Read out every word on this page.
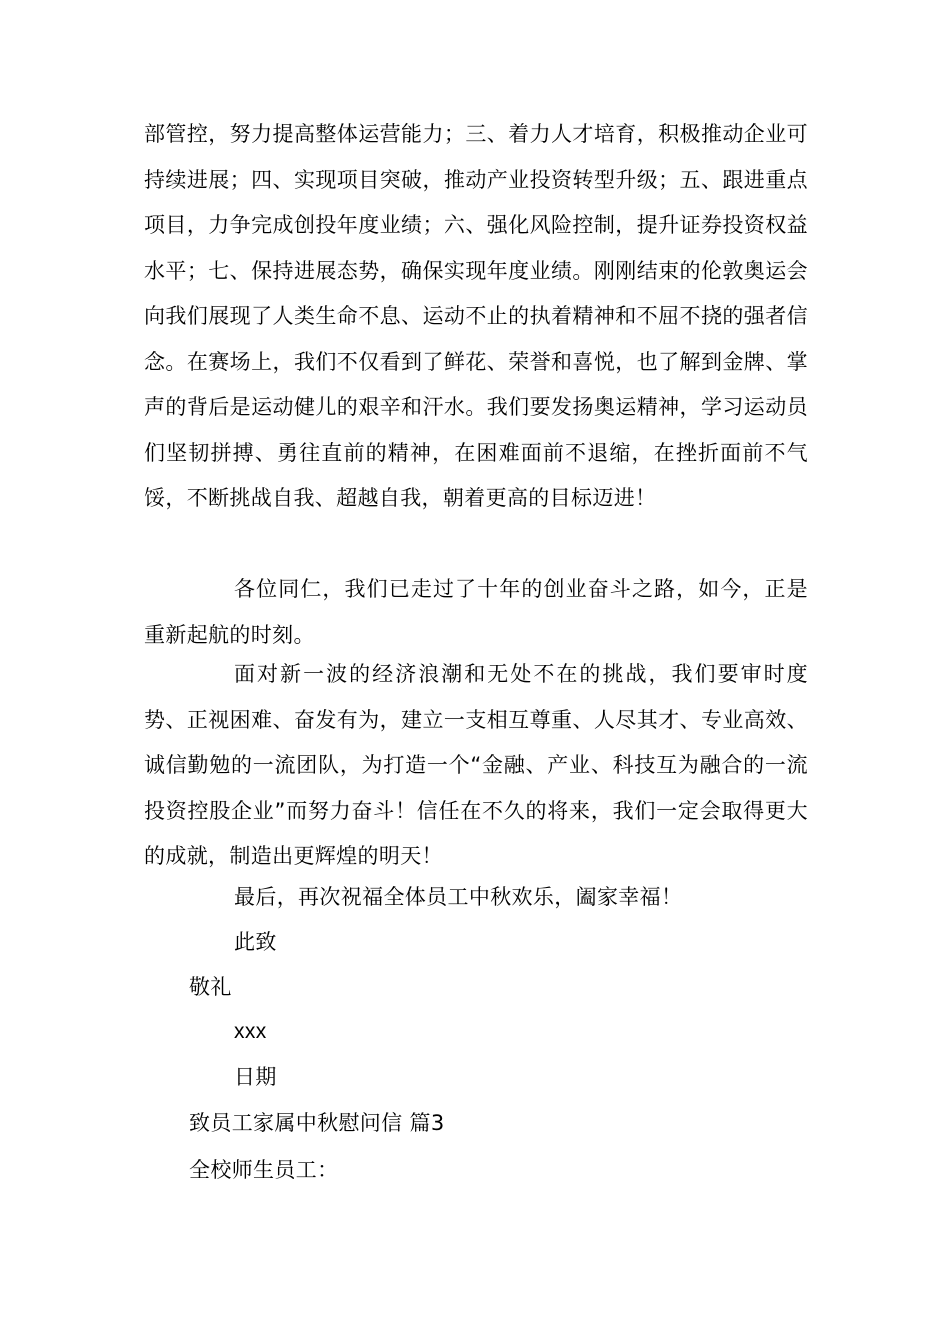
部管控，努力提高整体运营能力；三、着力人才培育，积极推动企业可持续进展；四、实现项目突破，推动产业投资转型升级；五、跟进重点项目，力争完成创投年度业绩；六、强化风险控制，提升证券投资权益水平；七、保持进展态势，确保实现年度业绩。刚刚结束的伦敦奥运会向我们展现了人类生命不息、运动不止的执着精神和不屈不挠的强者信念。在赛场上，我们不仅看到了鲜花、荣誉和喜悦，也了解到金牌、掌声的背后是运动健儿的艰辛和汗水。我们要发扬奥运精神，学习运动员们坚韧拼搏、勇往直前的精神，在困难面前不退缩，在挫折面前不气馁，不断挑战自我、超越自我，朝着更高的目标迈进！

各位同仁，我们已走过了十年的创业奋斗之路，如今，正是重新起航的时刻。

面对新一波的经济浪潮和无处不在的挑战，我们要审时度势、正视困难、奋发有为，建立一支相互尊重、人尽其才、专业高效、诚信勤勉的一流团队，为打造一个“金融、产业、科技互为融合的一流投资控股企业”而努力奋斗！信任在不久的将来，我们一定会取得更大的成就，制造出更辉煌的明天！

最后，再次祝福全体员工中秋欢乐，阖家幸福！

此致

敬礼

xxx

日期

致员工家属中秋慰问信 篇3

全校师生员工：
